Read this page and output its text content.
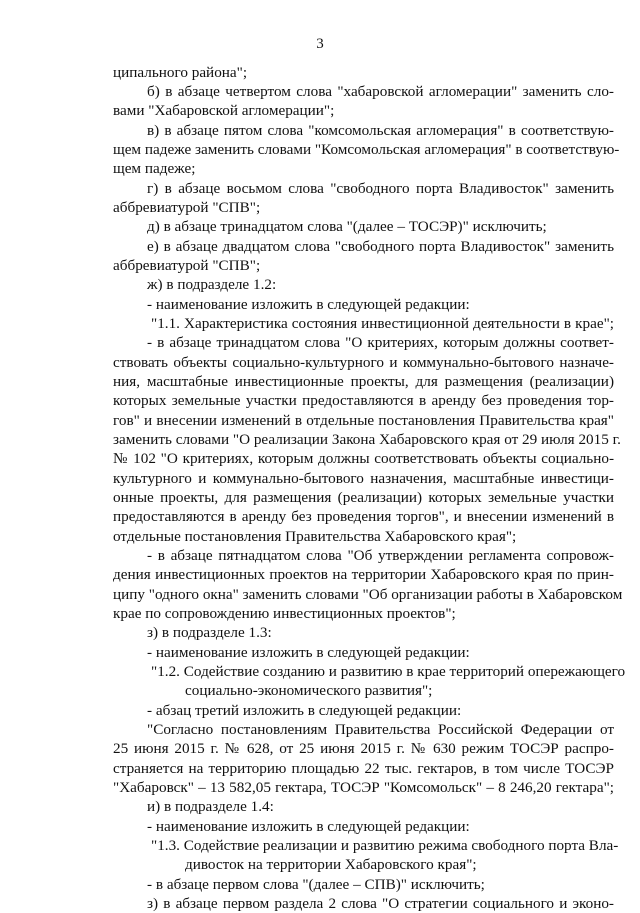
3
ципального района";
б) в абзаце четвертом слова "хабаровской агломерации" заменить сло-
вами "Хабаровской агломерации";
в) в абзаце пятом слова "комсомольская агломерация" в соответствую-
щем падеже заменить словами "Комсомольская агломерация" в соответствую-
щем падеже;
г) в абзаце восьмом слова "свободного порта Владивосток" заменить
аббревиатурой "СПВ";
д) в абзаце тринадцатом слова "(далее – ТОСЭР)" исключить;
е) в абзаце двадцатом слова "свободного порта Владивосток" заменить
аббревиатурой "СПВ";
ж) в подразделе 1.2:
- наименование изложить в следующей редакции:
"1.1. Характеристика состояния инвестиционной деятельности в крае";
- в абзаце тринадцатом слова "О критериях, которым должны соответ-
ствовать объекты социально-культурного и коммунально-бытового назначе-
ния, масштабные инвестиционные проекты, для размещения (реализации)
которых земельные участки предоставляются в аренду без проведения тор-
гов" и внесении изменений в отдельные постановления Правительства края"
заменить словами "О реализации Закона Хабаровского края от 29 июля 2015 г.
№ 102 "О критериях, которым должны соответствовать объекты социально-
культурного и коммунально-бытового назначения, масштабные инвестици-
онные проекты, для размещения (реализации) которых земельные участки
предоставляются в аренду без проведения торгов", и внесении изменений в
отдельные постановления Правительства Хабаровского края";
- в абзаце пятнадцатом слова "Об утверждении регламента сопровож-
дения инвестиционных проектов на территории Хабаровского края по прин-
ципу "одного окна" заменить словами "Об организации работы в Хабаровском
крае по сопровождению инвестиционных проектов";
з) в подразделе 1.3:
- наименование изложить в следующей редакции:
"1.2. Содействие созданию и развитию в крае территорий опережающего
социально-экономического развития";
- абзац третий изложить в следующей редакции:
"Согласно постановлениям Правительства Российской Федерации от
25 июня 2015 г. № 628, от 25 июня 2015 г. № 630 режим ТОСЭР распро-
страняется на территорию площадью 22 тыс. гектаров, в том числе ТОСЭР
"Хабаровск" – 13 582,05 гектара, ТОСЭР "Комсомольск" – 8 246,20 гектара";
и) в подразделе 1.4:
- наименование изложить в следующей редакции:
"1.3. Содействие реализации и развитию режима свободного порта Вла-
дивосток на территории Хабаровского края";
- в абзаце первом слова "(далее – СПВ)" исключить;
з) в абзаце первом раздела 2 слова "О стратегии социального и эконо-
